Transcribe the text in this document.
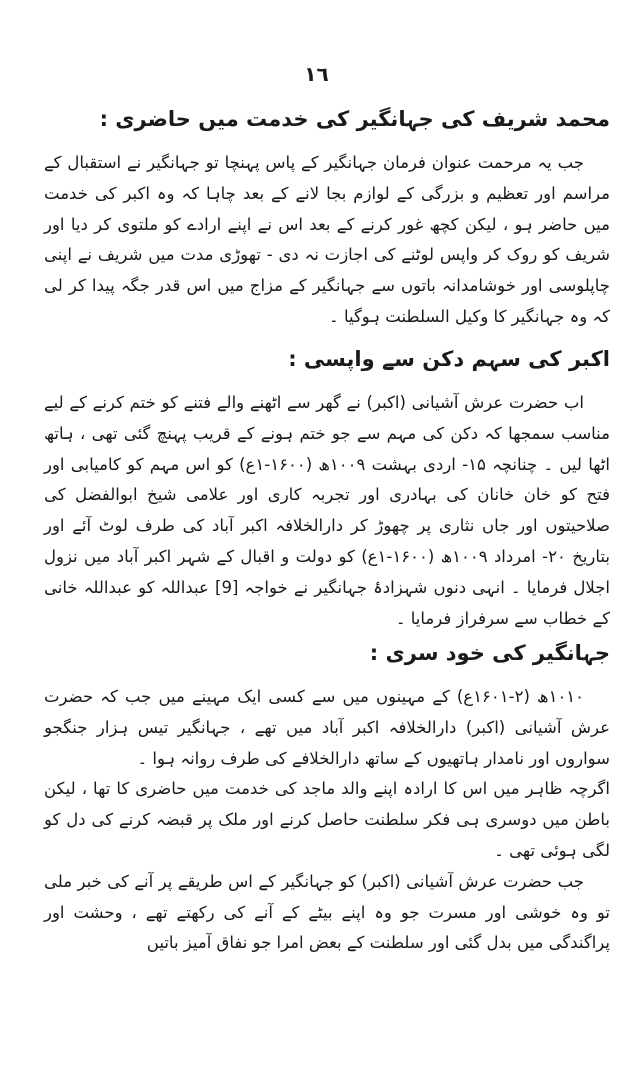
١٦
محمد شریف کی جہانگیر کی خدمت میں حاضری :

جب یہ مرحمت عنوان فرمان جہانگیر کے پاس پہنچا تو جہانگیر نے استقبال کے مراسم اور تعظیم و بزرگی کے لوازم بجا لانے کے بعد چاہا کہ وہ اکبر کی خدمت میں حاضر ہو ، لیکن کچھ غور کرنے کے بعد اس نے اپنے ارادے کو ملتوی کر دیا اور شریف کو روک کر واپس لوٹنے کی اجازت نہ دی - تھوڑی مدت میں شریف نے اپنی چاپلوسی اور خوشامدانہ باتوں سے جہانگیر کے مزاج میں اس قدر جگہ پیدا کر لی کہ وہ جہانگیر کا وکیل السلطنت ہوگیا ۔

اکبر کی سہم دکن سے واپسی :

اب حضرت عرش آشیانی (اکبر) نے گھر سے اٹھنے والے فتنے کو ختم کرنے کے لیے مناسب سمجھا کہ دکن کی مہم سے جو ختم ہونے کے قریب پہنچ گئی تھی ، ہاتھ اٹھا لیں ۔ چنانچہ ۱۵- اردی بہشت ۱۰۰۹ھ (۱۶۰۰-۱ع) کو اس مہم کو کامیابی اور فتح کو خان خانان کی بہادری اور تجربہ کاری اور علامی شیخ ابوالفضل کی صلاحیتوں اور جاں نثاری پر چھوڑ کر دارالخلافہ اکبر آباد کی طرف لوٹ آئے اور بتاریخ ۲۰- امرداد ۱۰۰۹ھ (۱۶۰۰-۱ع) کو دولت و اقبال کے شہر اکبر آباد میں نزول اجلال فرمایا ۔ انہی دنوں شہزادۂ جہانگیر نے خواجہ [9] عبداللہ کو عبداللہ خانی کے خطاب سے سرفراز فرمایا ۔

جہانگیر کی خود سری :

۱۰۱۰ھ (۲-۱۶۰۱ع) کے مہینوں میں سے کسی ایک مہینے میں جب کہ حضرت عرش آشیانی (اکبر) دارالخلافہ اکبر آباد میں تھے ، جہانگیر تیس ہزار جنگجو سواروں اور نامدار ہاتھیوں کے ساتھ دارالخلافے کی طرف روانہ ہوا ۔

اگرچہ ظاہر میں اس کا ارادہ اپنے والد ماجد کی خدمت میں حاضری کا تھا ، لیکن باطن میں دوسری ہی فکر سلطنت حاصل کرنے اور ملک پر قبضہ کرنے کی دل کو لگی ہوئی تھی ۔

جب حضرت عرش آشیانی (اکبر) کو جہانگیر کے اس طریقے پر آنے کی خبر ملی تو وہ خوشی اور مسرت جو وہ اپنے بیٹے کے آنے کی رکھتے تھے ، وحشت اور پراگندگی میں بدل گئی اور سلطنت کے بعض امرا جو نفاق آمیز باتیں
